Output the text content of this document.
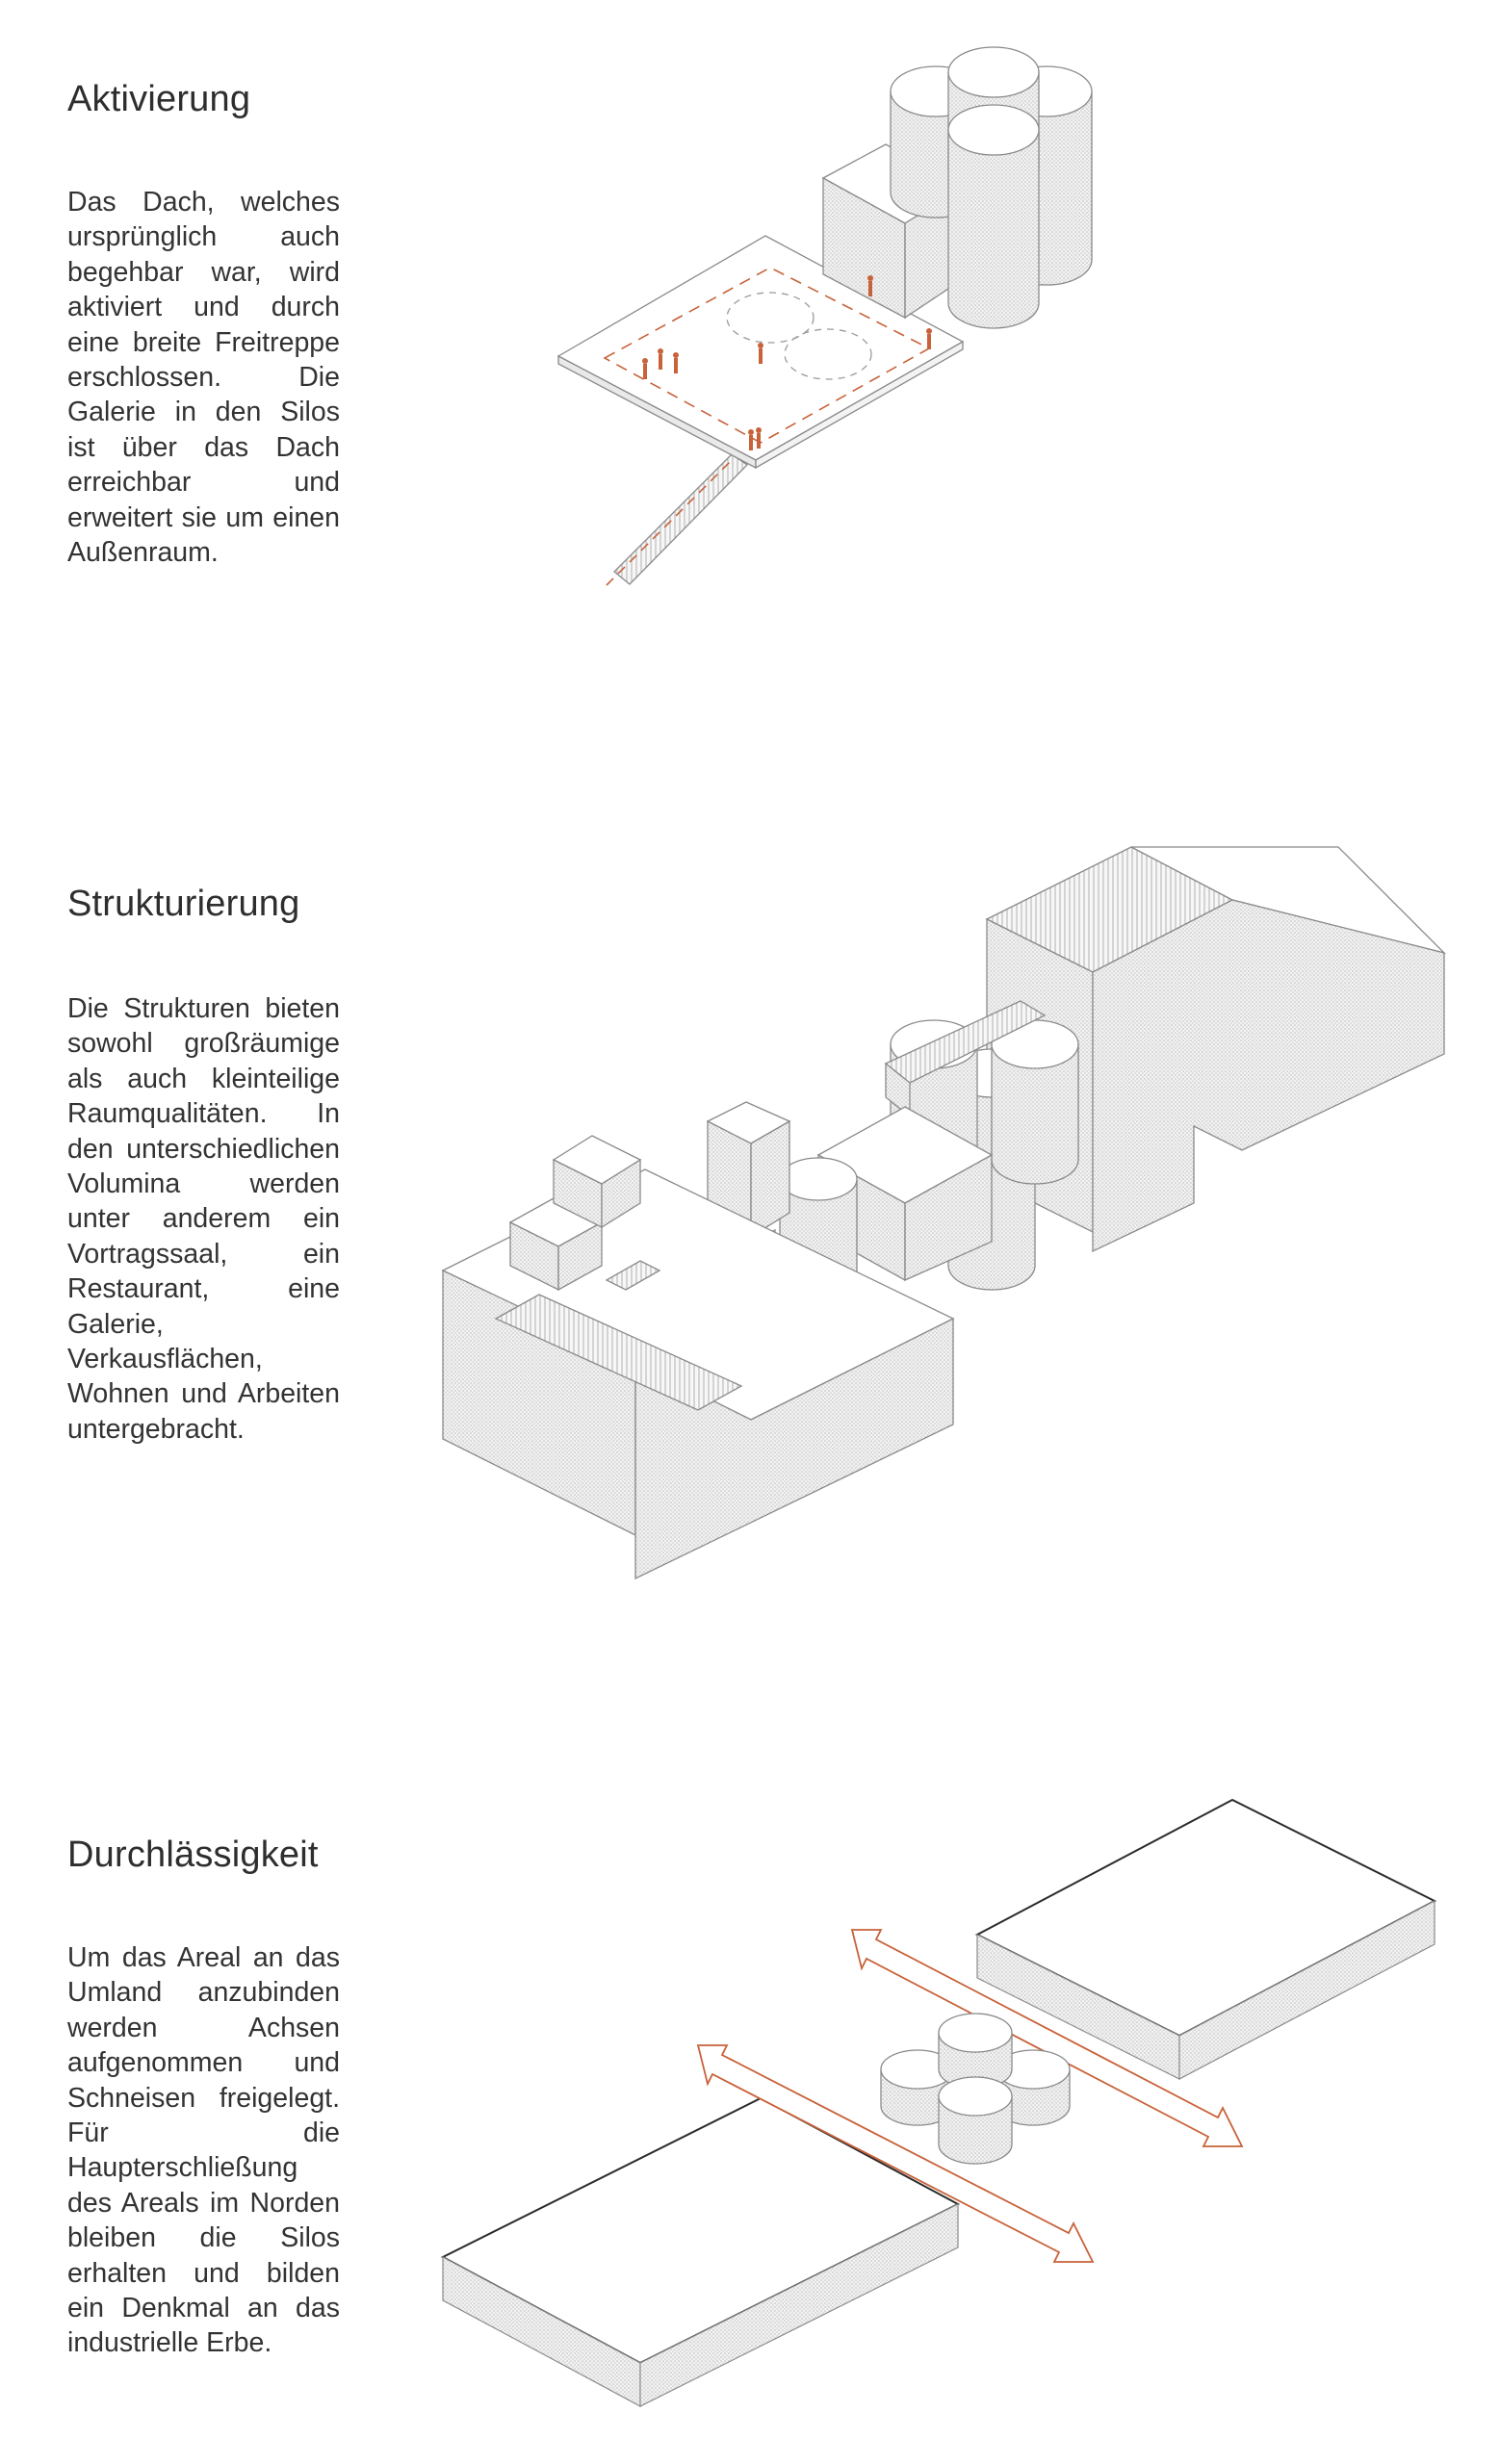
Aktivierung

Das Dach, welches ursprünglich auch begehbar war, wird aktiviert und durch eine breite Freitreppe erschlossen. Die Galerie in den Silos ist über das Dach erreichbar und erweitert sie um einen Außenraum.

Strukturierung

Die Strukturen bieten sowohl großräumige als auch kleinteilige Raumqualitäten. In den unterschiedlichen Volumina werden unter anderem ein Vortragssaal, ein Restaurant, eine Galerie, Verkausflächen, Wohnen und Arbeiten untergebracht.

Durchlässigkeit

Um das Areal an das Umland anzubinden werden Achsen aufgenommen und Schneisen freigelegt. Für die Haupterschließung des Areals im Norden bleiben die Silos erhalten und bilden ein Denkmal an das industrielle Erbe.
